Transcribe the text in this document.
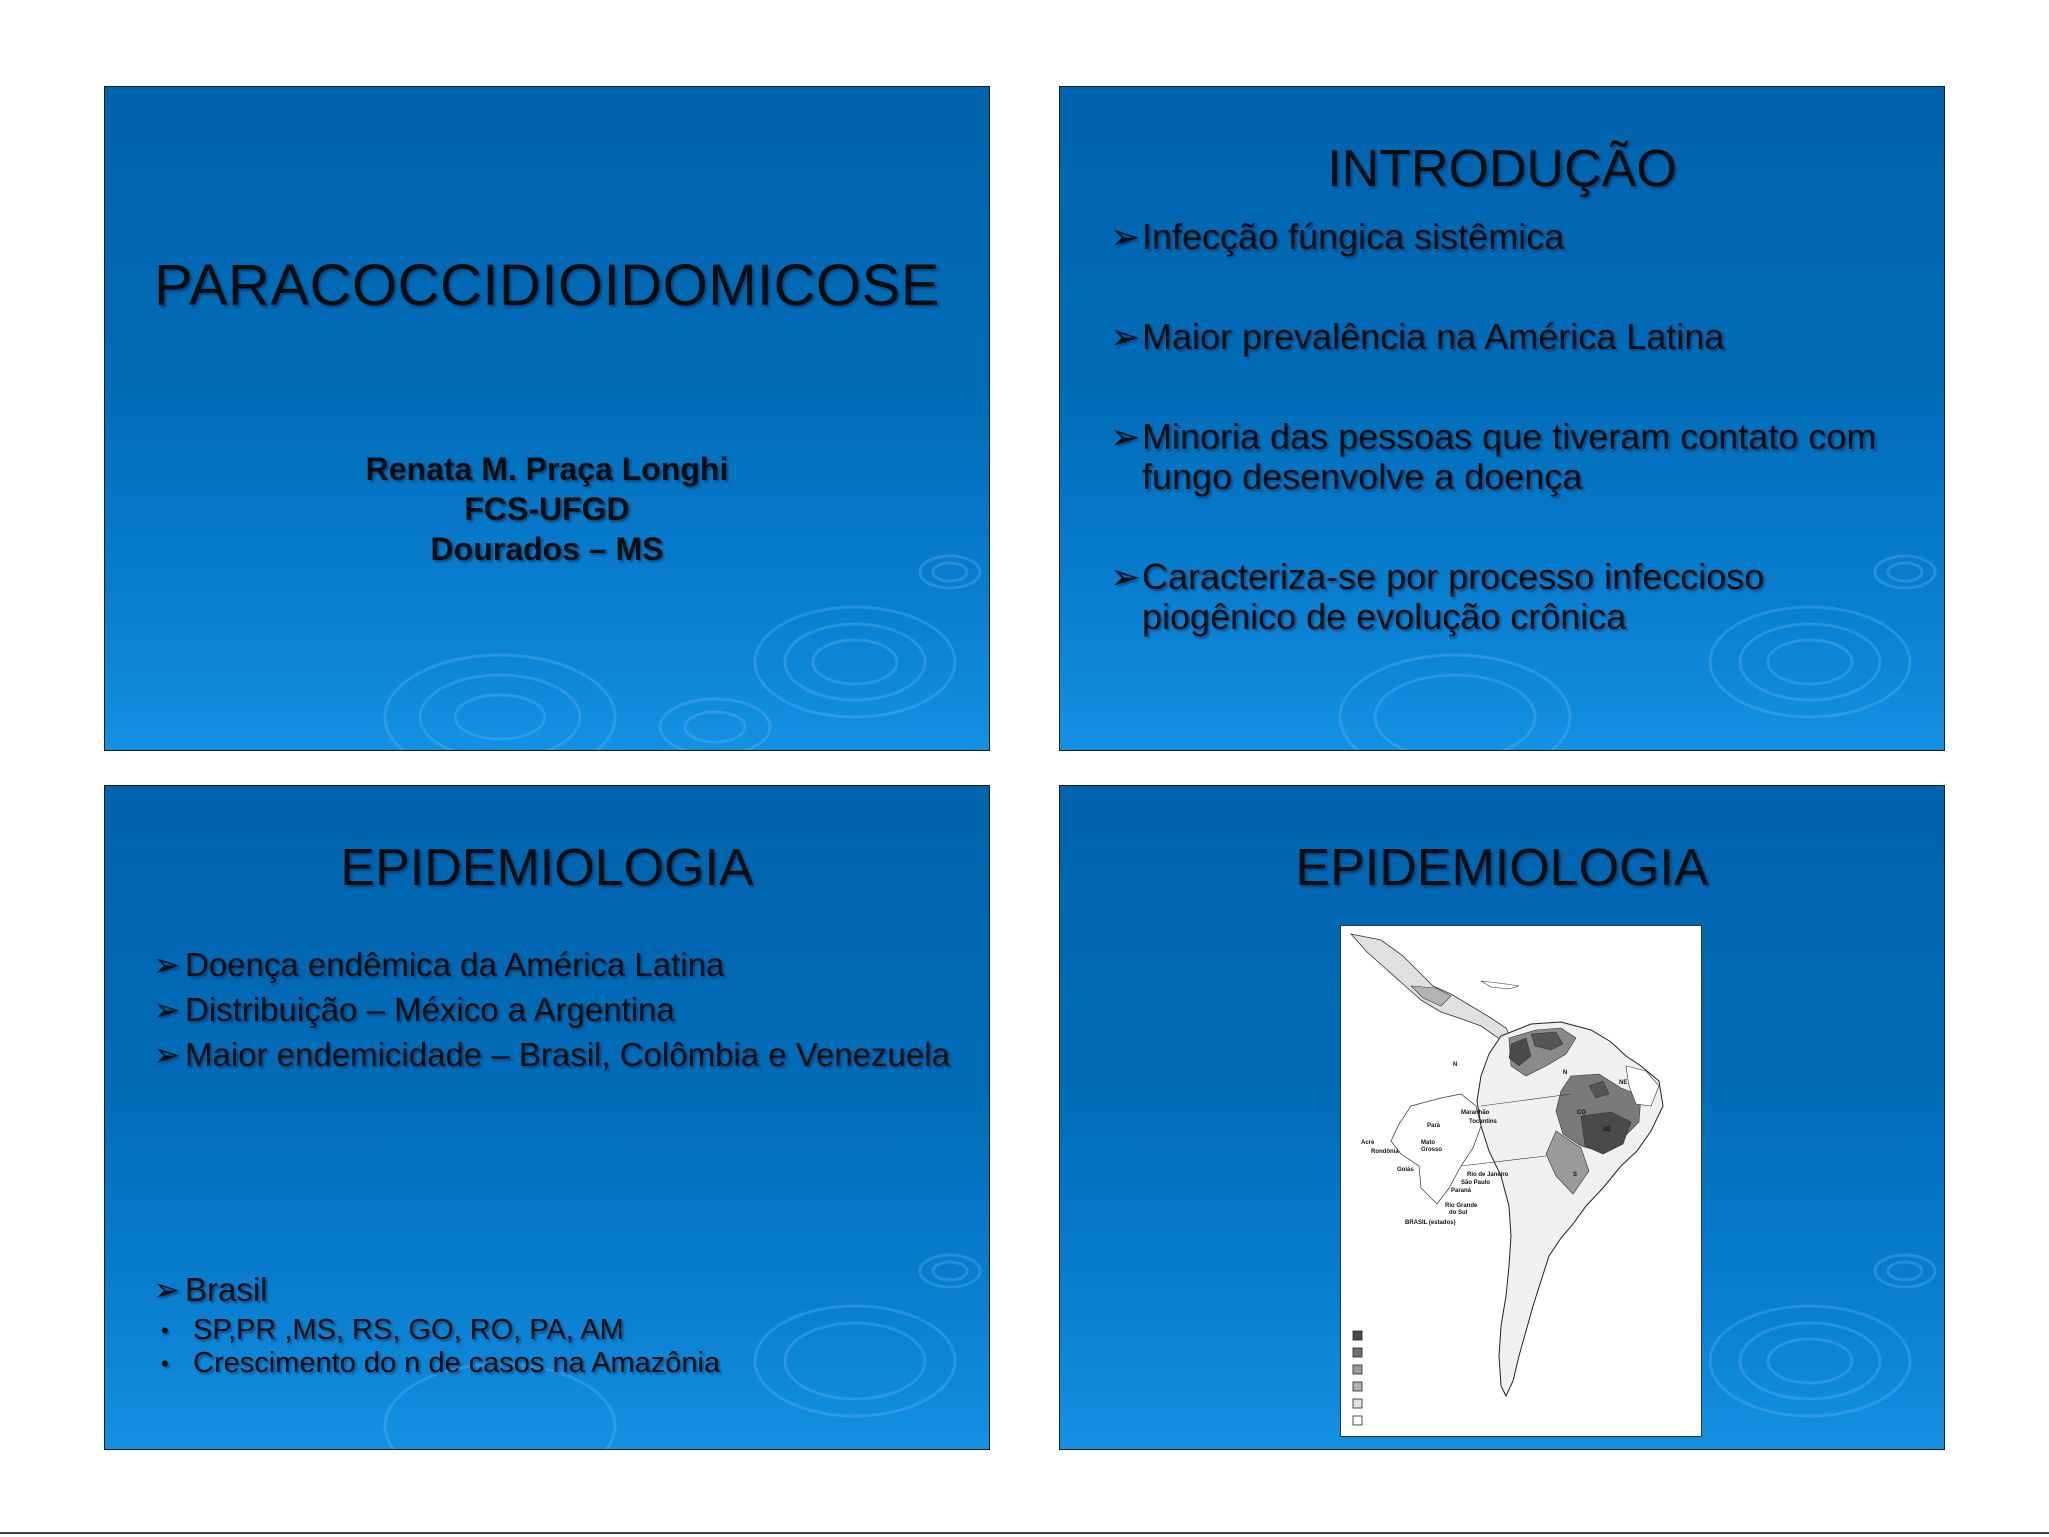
PARACOCCIDIOIDOMICOSE
Renata M. Praça Longhi
FCS-UFGD
Dourados – MS
INTRODUÇÃO
➢ Infecção fúngica sistêmica
➢ Maior prevalência na América Latina
➢ Minoria das pessoas que tiveram contato com fungo desenvolve a doença
➢ Caracteriza-se por processo infeccioso piogênico de evolução crônica
EPIDEMIOLOGIA
➢ Doença endêmica da América Latina
➢ Distribuição – México a Argentina
➢ Maior endemicidade – Brasil, Colômbia e Venezuela
➢ Brasil
• SP,PR ,MS, RS, GO, RO, PA, AM
• Crescimento do n de casos na Amazônia
EPIDEMIOLOGIA
Maranhão
Tocantins
Pará
Acre
Rondônia
Mato
Grosso
Goiás
Rio de Janeiro
São Paulo
Paraná
Rio Grande
do Sul
BRASIL (estados)
N
N
NE
CO
SE
S
